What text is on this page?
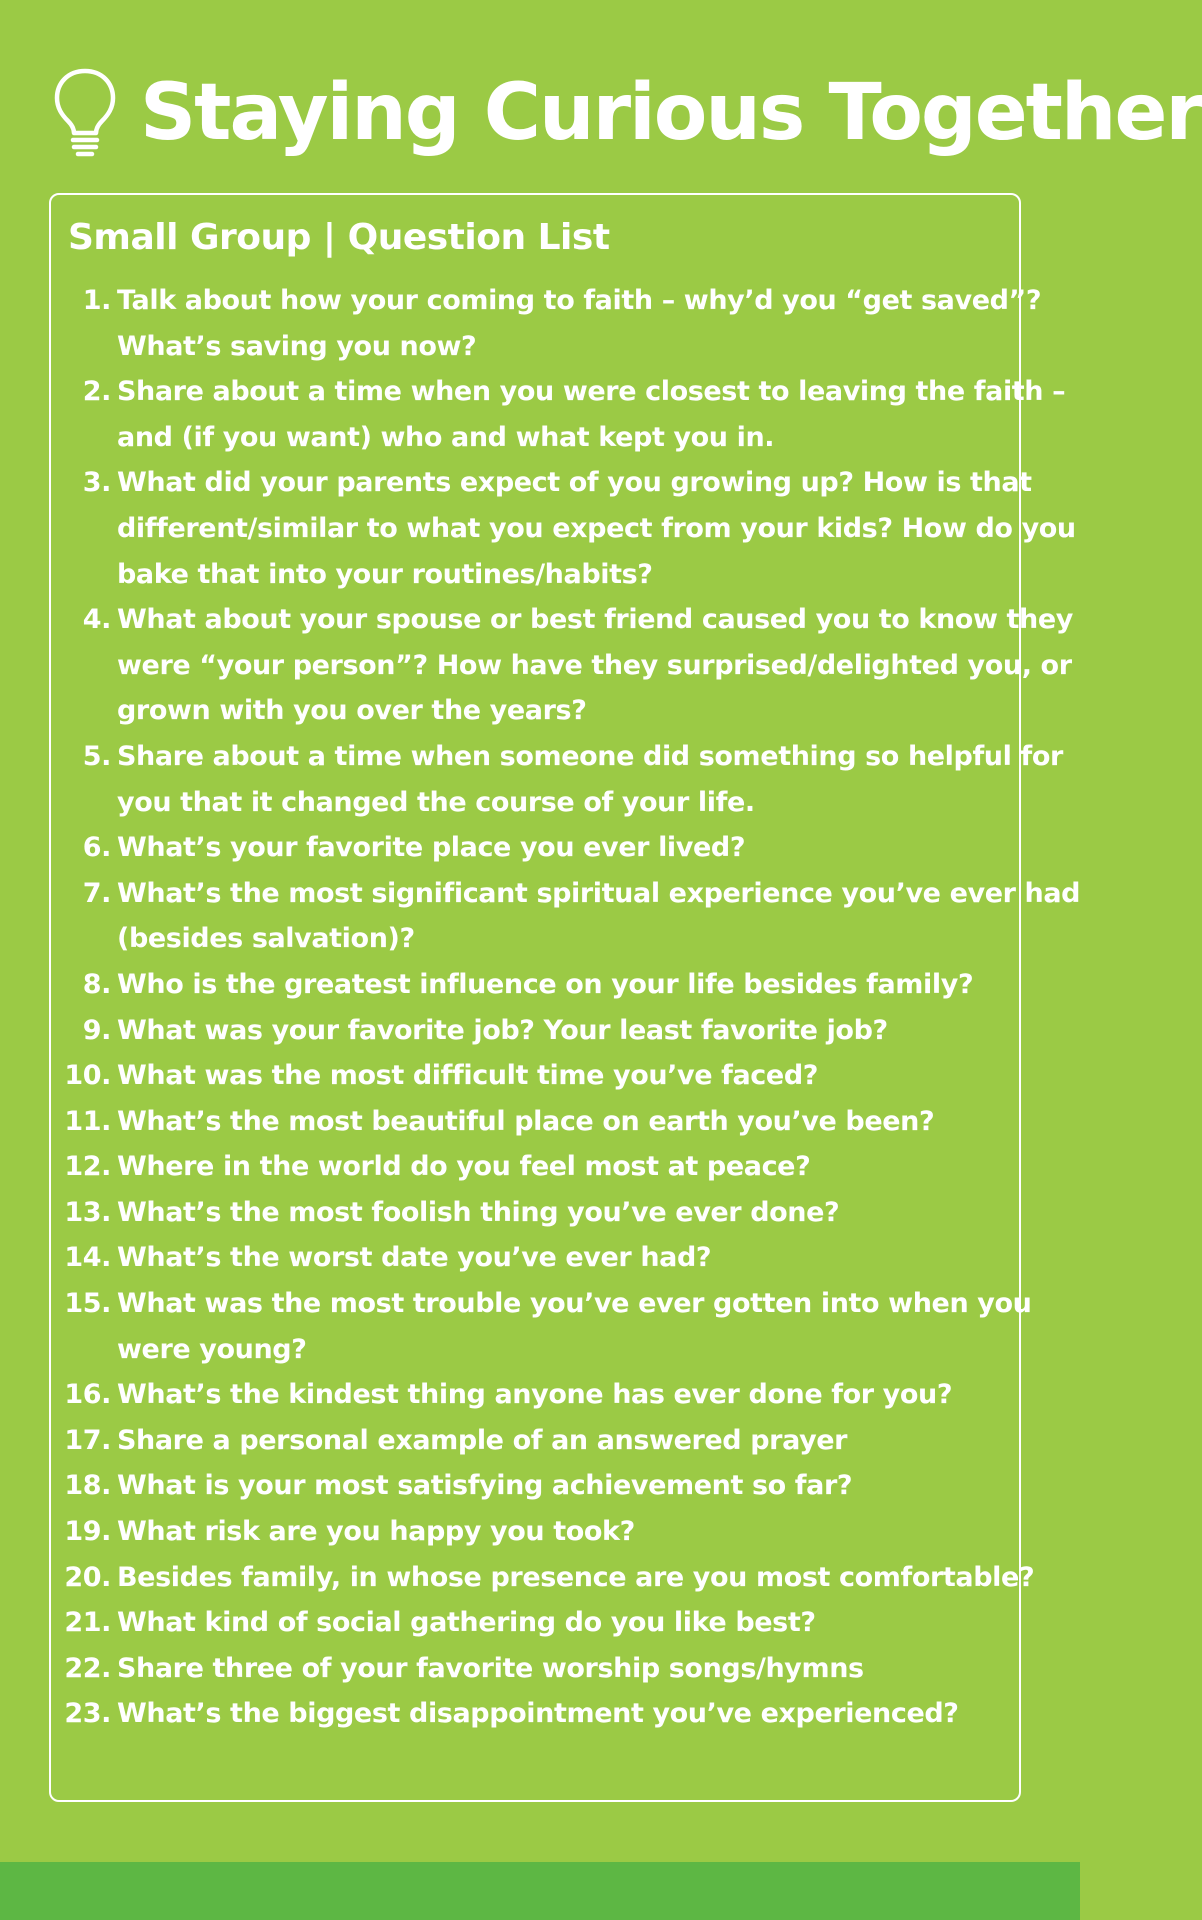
Staying Curious Together
Small Group | Question List
1. Talk about how your coming to faith – why’d you “get saved”?
What’s saving you now?
2. Share about a time when you were closest to leaving the faith –
and (if you want) who and what kept you in.
3. What did your parents expect of you growing up? How is that
different/similar to what you expect from your kids? How do you
bake that into your routines/habits?
4. What about your spouse or best friend caused you to know they
were “your person”? How have they surprised/delighted you, or
grown with you over the years?
5. Share about a time when someone did something so helpful for
you that it changed the course of your life.
6. What’s your favorite place you ever lived?
7. What’s the most significant spiritual experience you’ve ever had
(besides salvation)?
8. Who is the greatest influence on your life besides family?
9. What was your favorite job? Your least favorite job?
10. What was the most difficult time you’ve faced?
11. What’s the most beautiful place on earth you’ve been?
12. Where in the world do you feel most at peace?
13. What’s the most foolish thing you’ve ever done?
14. What’s the worst date you’ve ever had?
15. What was the most trouble you’ve ever gotten into when you
were young?
16. What’s the kindest thing anyone has ever done for you?
17. Share a personal example of an answered prayer
18. What is your most satisfying achievement so far?
19. What risk are you happy you took?
20. Besides family, in whose presence are you most comfortable?
21. What kind of social gathering do you like best?
22. Share three of your favorite worship songs/hymns
23. What’s the biggest disappointment you’ve experienced?
